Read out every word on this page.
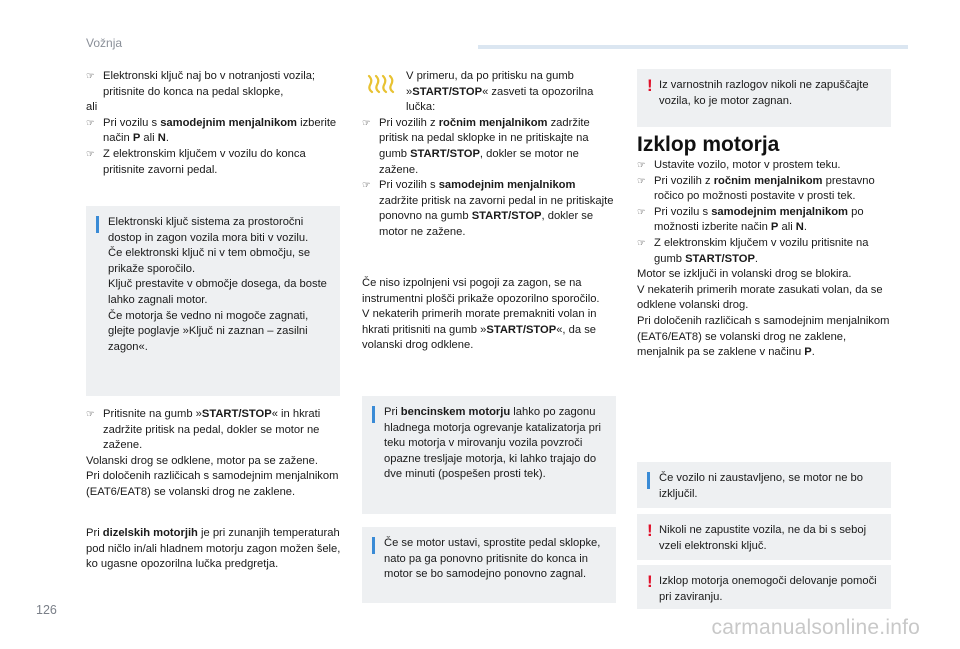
Vožnja
☞ Elektronski ključ naj bo v notranjosti vozila; pritisnite do konca na pedal sklopke,
ali
☞ Pri vozilu s samodejnim menjalnikom izberite način P ali N.
☞ Z elektronskim ključem v vozilu do konca pritisnite zavorni pedal.
Elektronski ključ sistema za prostoročni dostop in zagon vozila mora biti v vozilu.
Če elektronski ključ ni v tem območju, se prikaže sporočilo.
Ključ prestavite v območje dosega, da boste lahko zagnali motor.
Če motorja še vedno ni mogoče zagnati, glejte poglavje »Ključ ni zaznan – zasilni zagon«.
☞ Pritisnite na gumb »START/STOP« in hkrati zadržite pritisk na pedal, dokler se motor ne zažene.
Volanski drog se odklene, motor pa se zažene.
Pri določenih različicah s samodejnim menjalnikom (EAT6/EAT8) se volanski drog ne zaklene.
Pri dizelskih motorjih je pri zunanjih temperaturah pod ničlo in/ali hladnem motorju zagon možen šele, ko ugasne opozorilna lučka predgretja.
V primeru, da po pritisku na gumb »START/STOP« zasveti ta opozorilna lučka:
☞ Pri vozilih z ročnim menjalnikom zadržite pritisk na pedal sklopke in ne pritiskajte na gumb START/STOP, dokler se motor ne zažene.
☞ Pri vozilih s samodejnim menjalnikom zadržite pritisk na zavorni pedal in ne pritiskajte ponovno na gumb START/STOP, dokler se motor ne zažene.
Če niso izpolnjeni vsi pogoji za zagon, se na instrumentni plošči prikaže opozorilno sporočilo.
V nekaterih primerih morate premakniti volan in hkrati pritisniti na gumb »START/STOP«, da se volanski drog odklene.
Pri bencinskem motorju lahko po zagonu hladnega motorja ogrevanje katalizatorja pri teku motorja v mirovanju vozila povzroči opazne tresljaje motorja, ki lahko trajajo do dve minuti (pospešen prosti tek).
Če se motor ustavi, sprostite pedal sklopke, nato pa ga ponovno pritisnite do konca in motor se bo samodejno ponovno zagnal.
! Iz varnostnih razlogov nikoli ne zapuščajte vozila, ko je motor zagnan.
Izklop motorja
☞ Ustavite vozilo, motor v prostem teku.
☞ Pri vozilih z ročnim menjalnikom prestavno ročico po možnosti postavite v prosti tek.
☞ Pri vozilu s samodejnim menjalnikom po možnosti izberite način P ali N.
☞ Z elektronskim ključem v vozilu pritisnite na gumb START/STOP.
Motor se izključi in volanski drog se blokira.
V nekaterih primerih morate zasukati volan, da se odklene volanski drog.
Pri določenih različicah s samodejnim menjalnikom (EAT6/EAT8) se volanski drog ne zaklene, menjalnik pa se zaklene v načinu P.
Če vozilo ni zaustavljeno, se motor ne bo izključil.
! Nikoli ne zapustite vozila, ne da bi s seboj vzeli elektronski ključ.
! Izklop motorja onemogoči delovanje pomoči pri zaviranju.
126
carmanualsonline.info
